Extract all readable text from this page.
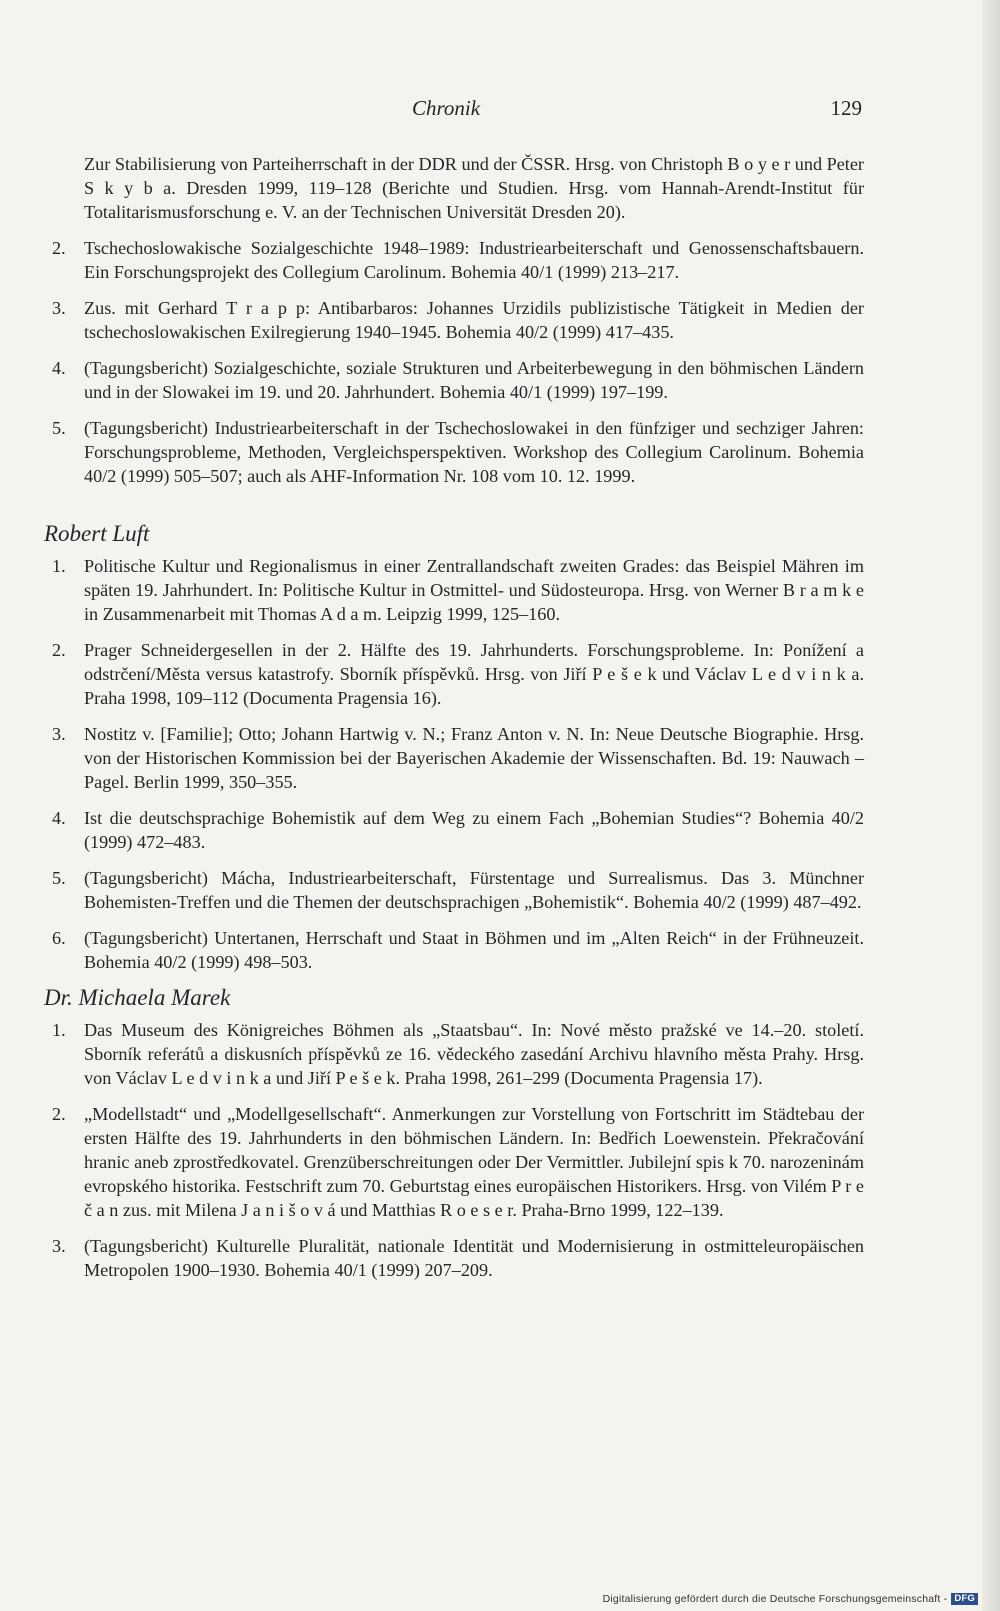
Chronik	129
Zur Stabilisierung von Parteiherrschaft in der DDR und der ČSSR. Hrsg. von Christoph B o y e r und Peter S k y b a. Dresden 1999, 119–128 (Berichte und Studien. Hrsg. vom Hannah-Arendt-Institut für Totalitarismusforschung e. V. an der Technischen Universität Dresden 20).
2. Tschechoslowakische Sozialgeschichte 1948–1989: Industriearbeiterschaft und Genossenschaftsbauern. Ein Forschungsprojekt des Collegium Carolinum. Bohemia 40/1 (1999) 213–217.
3. Zus. mit Gerhard T r a p p: Antibarbaros: Johannes Urzidils publizistische Tätigkeit in Medien der tschechoslowakischen Exilregierung 1940–1945. Bohemia 40/2 (1999) 417–435.
4. (Tagungsbericht) Sozialgeschichte, soziale Strukturen und Arbeiterbewegung in den böhmischen Ländern und in der Slowakei im 19. und 20. Jahrhundert. Bohemia 40/1 (1999) 197–199.
5. (Tagungsbericht) Industriearbeiterschaft in der Tschechoslowakei in den fünfziger und sechziger Jahren: Forschungsprobleme, Methoden, Vergleichsperspektiven. Workshop des Collegium Carolinum. Bohemia 40/2 (1999) 505–507; auch als AHF-Information Nr. 108 vom 10. 12. 1999.
Robert Luft
1. Politische Kultur und Regionalismus in einer Zentrallandschaft zweiten Grades: das Beispiel Mähren im späten 19. Jahrhundert. In: Politische Kultur in Ostmittel- und Südosteuropa. Hrsg. von Werner B r a m k e in Zusammenarbeit mit Thomas A d a m. Leipzig 1999, 125–160.
2. Prager Schneidergesellen in der 2. Hälfte des 19. Jahrhunderts. Forschungsprobleme. In: Ponížení a odstrčení/Města versus katastrofy. Sborník příspěvků. Hrsg. von Jiří P e š e k und Václav L e d v i n k a. Praha 1998, 109–112 (Documenta Pragensia 16).
3. Nostitz v. [Familie]; Otto; Johann Hartwig v. N.; Franz Anton v. N. In: Neue Deutsche Biographie. Hrsg. von der Historischen Kommission bei der Bayerischen Akademie der Wissenschaften. Bd. 19: Nauwach – Pagel. Berlin 1999, 350–355.
4. Ist die deutschsprachige Bohemistik auf dem Weg zu einem Fach „Bohemian Studies“? Bohemia 40/2 (1999) 472–483.
5. (Tagungsbericht) Mácha, Industriearbeiterschaft, Fürstentage und Surrealismus. Das 3. Münchner Bohemisten-Treffen und die Themen der deutschsprachigen „Bohemistik“. Bohemia 40/2 (1999) 487–492.
6. (Tagungsbericht) Untertanen, Herrschaft und Staat in Böhmen und im „Alten Reich“ in der Frühneuzeit. Bohemia 40/2 (1999) 498–503.
Dr. Michaela Marek
1. Das Museum des Königreiches Böhmen als „Staatsbau“. In: Nové město pražské ve 14.–20. století. Sborník referátů a diskusních příspěvků ze 16. vědeckého zasedání Archivu hlavního města Prahy. Hrsg. von Václav L e d v i n k a und Jiří P e š e k. Praha 1998, 261–299 (Documenta Pragensia 17).
2. „Modellstadt“ und „Modellgesellschaft“. Anmerkungen zur Vorstellung von Fortschritt im Städtebau der ersten Hälfte des 19. Jahrhunderts in den böhmischen Ländern. In: Bedřich Loewenstein. Překračování hranic aneb zprostředkovatel. Grenzüberschreitungen oder Der Vermittler. Jubilejní spis k 70. narozeninám evropského historika. Festschrift zum 70. Geburtstag eines europäischen Historikers. Hrsg. von Vilém P r e č a n zus. mit Milena J a n i š o v á und Matthias R o e s e r. Praha-Brno 1999, 122–139.
3. (Tagungsbericht) Kulturelle Pluralität, nationale Identität und Modernisierung in ostmitteleuropäischen Metropolen 1900–1930. Bohemia 40/1 (1999) 207–209.
Digitalisierung gefördert durch die Deutsche Forschungsgemeinschaft - DFG
